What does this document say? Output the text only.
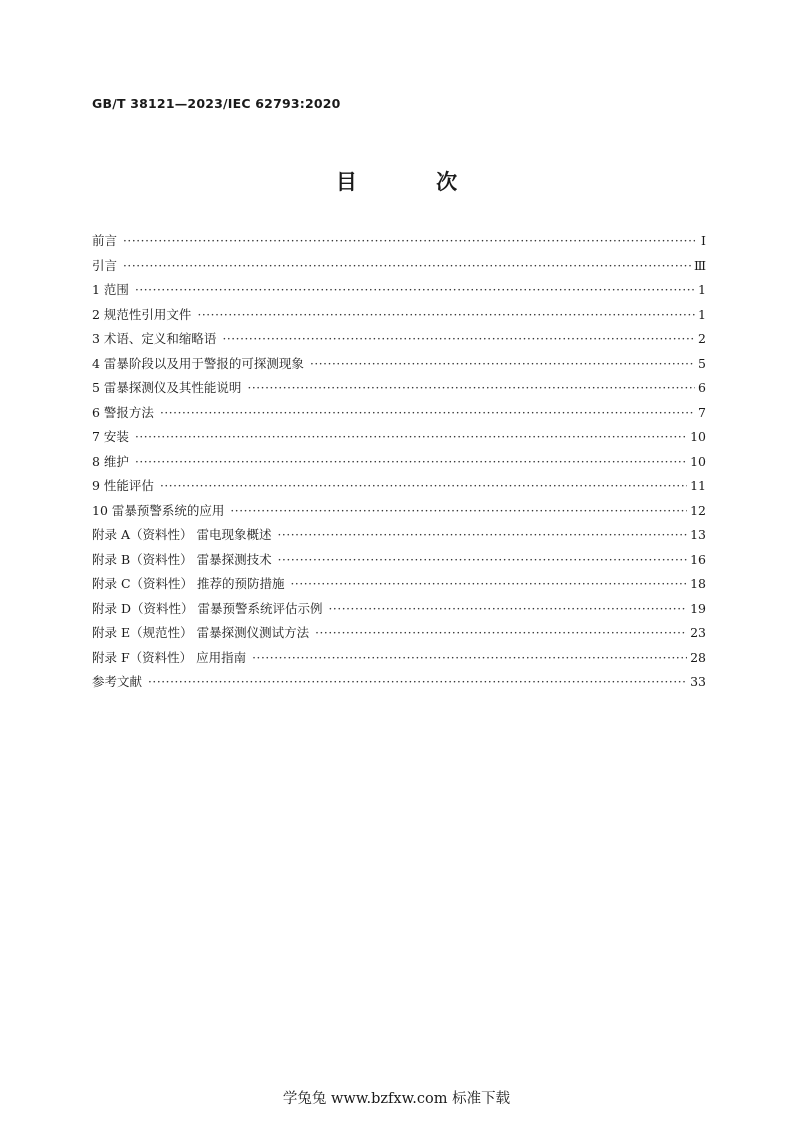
GB/T 38121—2023/IEC 62793:2020
目 次
前言 ·····	Ⅰ
引言 ·····	Ⅲ
1 范围 ·····	1
2 规范性引用文件 ·····	1
3 术语、定义和缩略语 ·····	2
4 雷暴阶段以及用于警报的可探测现象 ·····	5
5 雷暴探测仪及其性能说明 ·····	6
6 警报方法 ·····	7
7 安装 ·····	10
8 维护 ·····	10
9 性能评估 ·····	11
10 雷暴预警系统的应用 ·····	12
附录 A（资料性） 雷电现象概述 ·····	13
附录 B（资料性） 雷暴探测技术 ·····	16
附录 C（资料性） 推荐的预防措施 ·····	18
附录 D（资料性） 雷暴预警系统评估示例 ·····	19
附录 E（规范性） 雷暴探测仪测试方法 ·····	23
附录 F（资料性） 应用指南 ·····	28
参考文献 ·····	33
学兔兔 www.bzfxw.com 标准下载
